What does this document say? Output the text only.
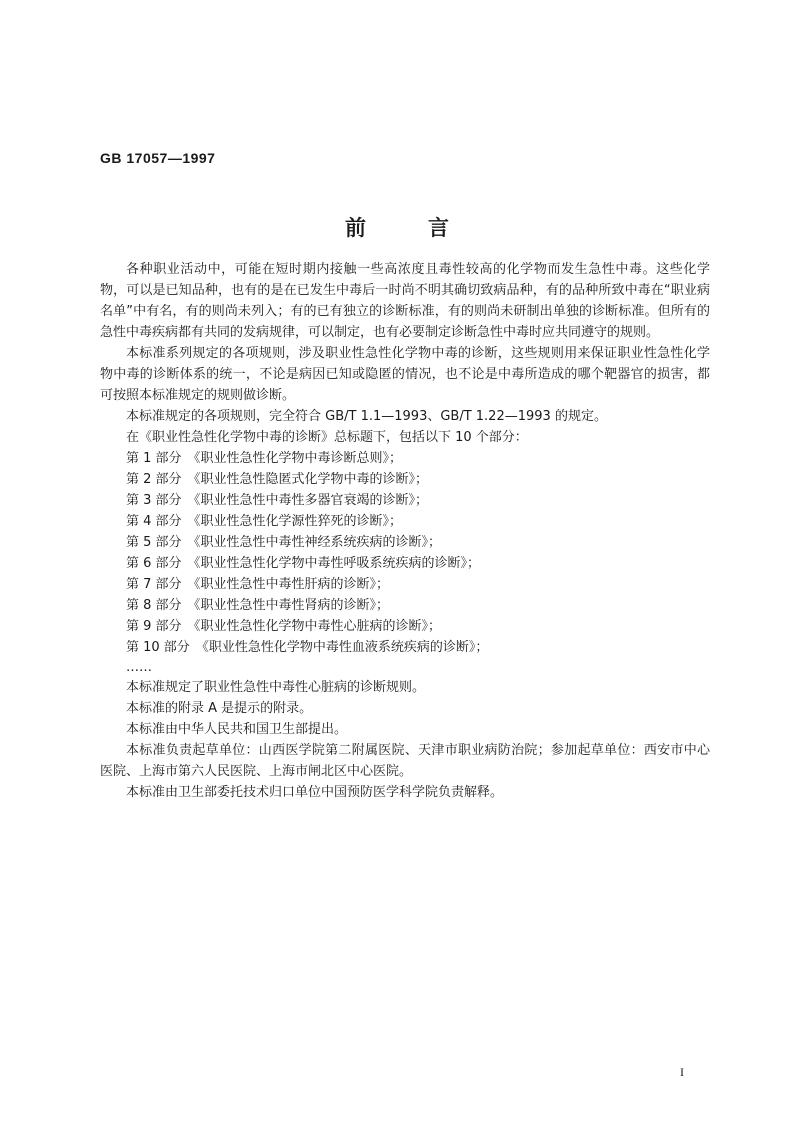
GB 17057—1997

前言

各种职业活动中，可能在短时期内接触一些高浓度且毒性较高的化学物而发生急性中毒。这些化学物，可以是已知品种，也有的是在已发生中毒后一时尚不明其确切致病品种，有的品种所致中毒在“职业病名单”中有名，有的则尚未列入；有的已有独立的诊断标准，有的则尚未研制出单独的诊断标准。但所有的急性中毒疾病都有共同的发病规律，可以制定，也有必要制定诊断急性中毒时应共同遵守的规则。

本标准系列规定的各项规则，涉及职业性急性化学物中毒的诊断，这些规则用来保证职业性急性化学物中毒的诊断体系的统一，不论是病因已知或隐匿的情况，也不论是中毒所造成的哪个靶器官的损害，都可按照本标准规定的规则做诊断。

本标准规定的各项规则，完全符合 GB/T 1.1—1993、GB/T 1.22—1993 的规定。

在《职业性急性化学物中毒的诊断》总标题下，包括以下 10 个部分：

第 1 部分 《职业性急性化学物中毒诊断总则》；
第 2 部分 《职业性急性隐匿式化学物中毒的诊断》；
第 3 部分 《职业性急性中毒性多器官衰竭的诊断》；
第 4 部分 《职业性急性化学源性猝死的诊断》；
第 5 部分 《职业性急性中毒性神经系统疾病的诊断》；
第 6 部分 《职业性急性化学物中毒性呼吸系统疾病的诊断》；
第 7 部分 《职业性急性中毒性肝病的诊断》；
第 8 部分 《职业性急性中毒性肾病的诊断》；
第 9 部分 《职业性急性化学物中毒性心脏病的诊断》；
第 10 部分 《职业性急性化学物中毒性血液系统疾病的诊断》；

……

本标准规定了职业性急性中毒性心脏病的诊断规则。

本标准的附录 A 是提示的附录。

本标准由中华人民共和国卫生部提出。

本标准负责起草单位：山西医学院第二附属医院、天津市职业病防治院；参加起草单位：西安市中心医院、上海市第六人民医院、上海市闸北区中心医院。

本标准由卫生部委托技术归口单位中国预防医学科学院负责解释。

I
